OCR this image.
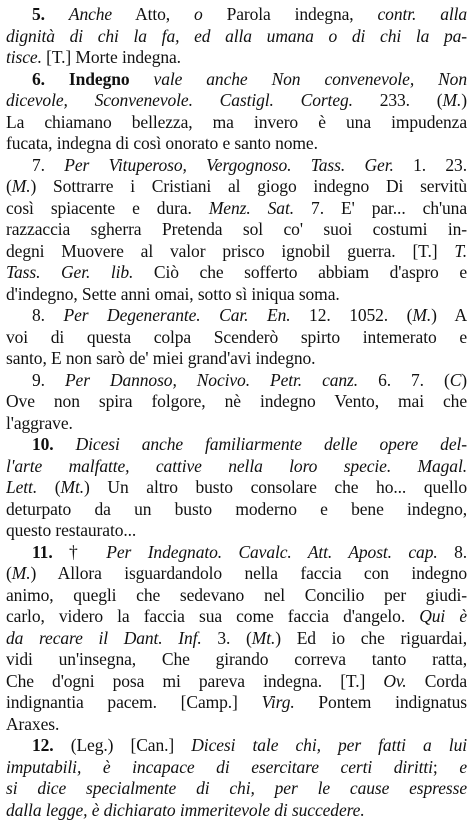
5. Anche Atto, o Parola indegna, contr. alla
dignità di chi la fa, ed alla umana o di chi la pa-
tisce. [T.] Morte indegna.
6. Indegno vale anche Non convenevole, Non
dicevole, Sconvenevole. Castigl. Corteg. 233. (M.)
La chiamano bellezza, ma invero è una impudenza
fucata, indegna di così onorato e santo nome.
7. Per Vituperoso, Vergognoso. Tass. Ger. 1. 23.
(M.) Sottrarre i Cristiani al giogo indegno Di servitù
così spiacente e dura. Menz. Sat. 7. E' par... ch'una
razzaccia sgherra Pretenda sol co' suoi costumi in-
degni Muovere al valor prisco ignobil guerra. [T.] T.
Tass. Ger. lib. Ciò che sofferto abbiam d'aspro e
d'indegno, Sette anni omai, sotto sì iniqua soma.
8. Per Degenerante. Car. En. 12. 1052. (M.) A
voi di questa colpa Scenderò spirto intemerato e
santo, E non sarò de' miei grand'avi indegno.
9. Per Dannoso, Nocivo. Petr. canz. 6. 7. (C)
Ove non spira folgore, nè indegno Vento, mai che
l'aggrave.
10. Dicesi anche familiarmente delle opere del-
l'arte malfatte, cattive nella loro specie. Magal.
Lett. (Mt.) Un altro busto consolare che ho... quello
deturpato da un busto moderno e bene indegno,
questo restaurato...
11. † Per Indegnato. Cavalc. Att. Apost. cap. 8.
(M.) Allora isguardandolo nella faccia con indegno
animo, quegli che sedevano nel Concilio per giudi-
carlo, videro la faccia sua come faccia d'angelo. Qui è
da recare il Dant. Inf. 3. (Mt.) Ed io che riguardai,
vidi un'insegna, Che girando correva tanto ratta,
Che d'ogni posa mi pareva indegna. [T.] Ov. Corda
indignantia pacem. [Camp.] Virg. Pontem indignatus
Araxes.
12. (Leg.) [Can.] Dicesi tale chi, per fatti a lui
imputabili, è incapace di esercitare certi diritti; e
si dice specialmente di chi, per le cause espresse
dalla legge, è dichiarato immeritevole di succedere.
